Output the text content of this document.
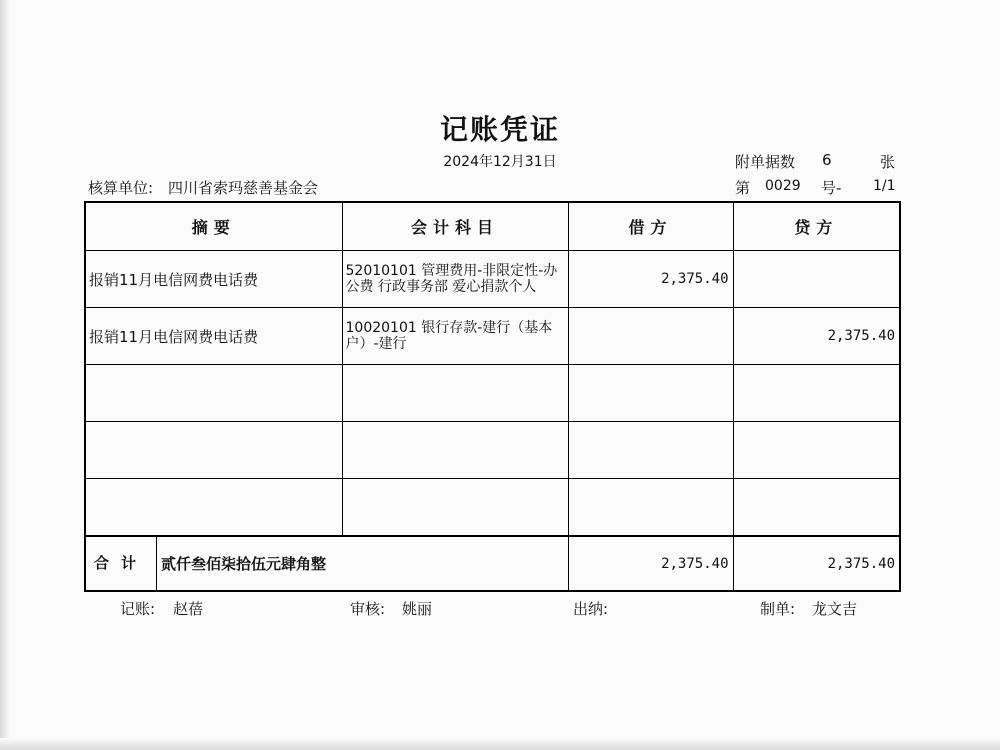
记账凭证
2024年12月31日	附单据数 6	张
核算单位: 四川省索玛慈善基金会	第 0029 号- 1/1
摘要	会计科目	借方	贷方
报销11月电信网费电话费	52010101 管理费用-非限定性-办公费 行政事务部 爱心捐款个人	2,375.40	
报销11月电信网费电话费	10020101 银行存款-建行（基本户）-建行		2,375.40

合计 贰仟叁佰柒拾伍元肆角整		2,375.40	2,375.40
记账: 赵蓓	审核: 姚丽	出纳:	制单: 龙文吉
